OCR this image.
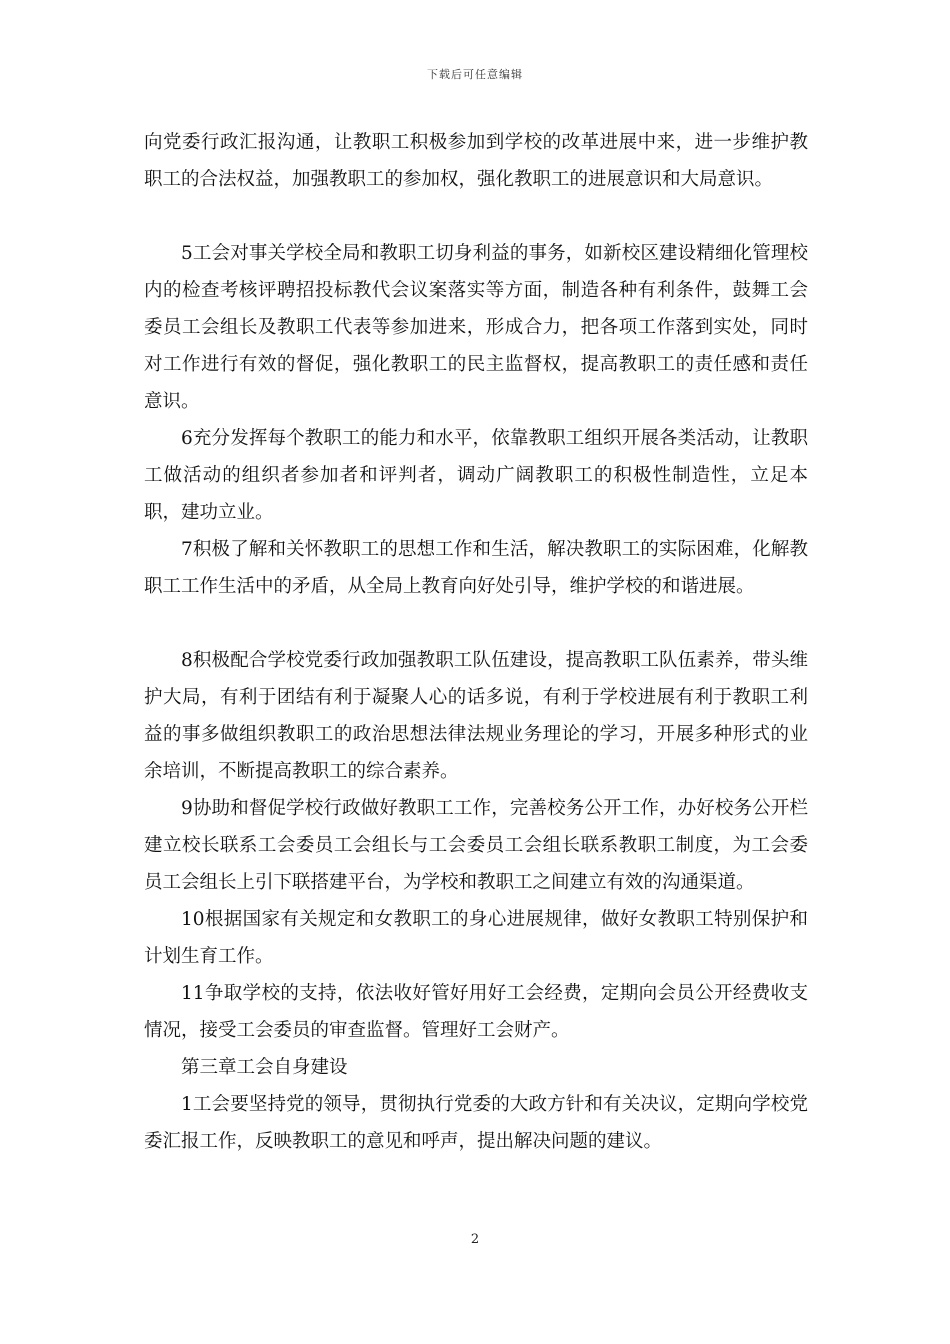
下载后可任意编辑

向党委行政汇报沟通，让教职工积极参加到学校的改革进展中来，进一步维护教职工的合法权益，加强教职工的参加权，强化教职工的进展意识和大局意识。

5工会对事关学校全局和教职工切身利益的事务，如新校区建设精细化管理校内的检查考核评聘招投标教代会议案落实等方面，制造各种有利条件，鼓舞工会委员工会组长及教职工代表等参加进来，形成合力，把各项工作落到实处，同时对工作进行有效的督促，强化教职工的民主监督权，提高教职工的责任感和责任意识。

6充分发挥每个教职工的能力和水平，依靠教职工组织开展各类活动，让教职工做活动的组织者参加者和评判者，调动广阔教职工的积极性制造性，立足本职，建功立业。

7积极了解和关怀教职工的思想工作和生活，解决教职工的实际困难，化解教职工工作生活中的矛盾，从全局上教育向好处引导，维护学校的和谐进展。

8积极配合学校党委行政加强教职工队伍建设，提高教职工队伍素养，带头维护大局，有利于团结有利于凝聚人心的话多说，有利于学校进展有利于教职工利益的事多做组织教职工的政治思想法律法规业务理论的学习，开展多种形式的业余培训，不断提高教职工的综合素养。

9协助和督促学校行政做好教职工工作，完善校务公开工作，办好校务公开栏建立校长联系工会委员工会组长与工会委员工会组长联系教职工制度，为工会委员工会组长上引下联搭建平台，为学校和教职工之间建立有效的沟通渠道。

10根据国家有关规定和女教职工的身心进展规律，做好女教职工特别保护和计划生育工作。

11争取学校的支持，依法收好管好用好工会经费，定期向会员公开经费收支情况，接受工会委员的审查监督。管理好工会财产。

第三章工会自身建设

1工会要坚持党的领导，贯彻执行党委的大政方针和有关决议，定期向学校党委汇报工作，反映教职工的意见和呼声，提出解决问题的建议。

2
